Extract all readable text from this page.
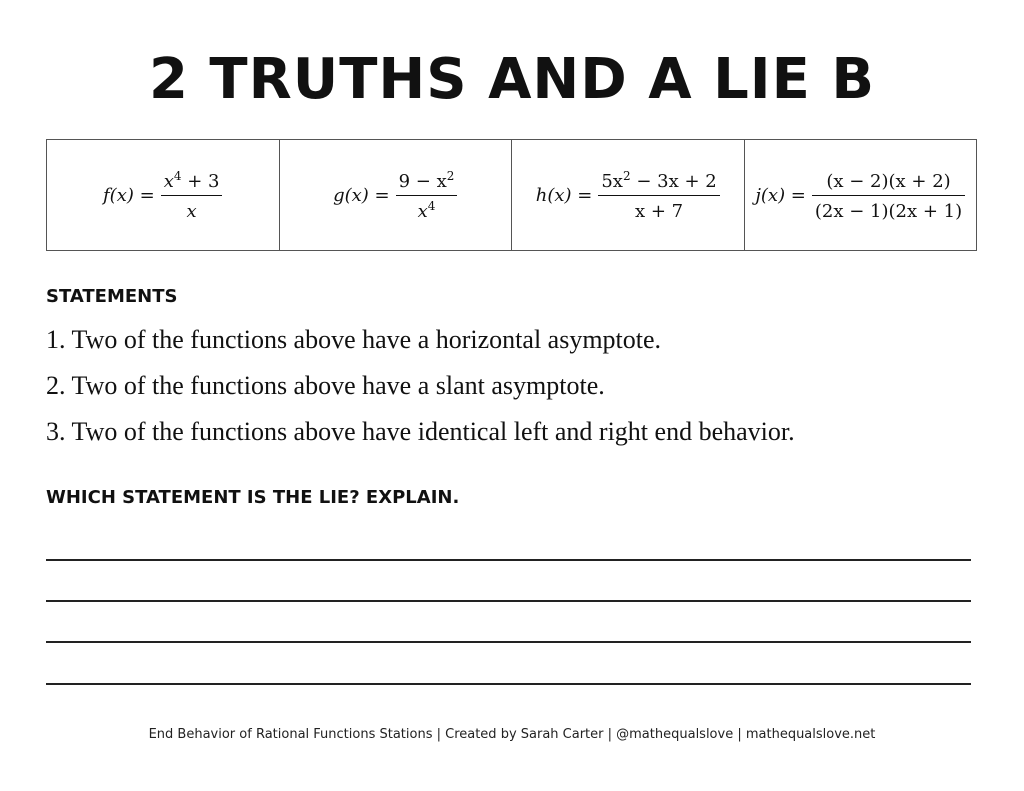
2 TRUTHS AND A LIE B
$f(x) = \frac{x^4 + 3}{x}$	$g(x) = \frac{9 - x^2}{x^4}$	$h(x) = \frac{5x^2 - 3x + 2}{x + 7}$	$j(x) = \frac{(x - 2)(x + 2)}{(2x - 1)(2x + 1)}$
STATEMENTS
1. Two of the functions above have a horizontal asymptote.
2. Two of the functions above have a slant asymptote.
3. Two of the functions above have identical left and right end behavior.
WHICH STATEMENT IS THE LIE? EXPLAIN.
End Behavior of Rational Functions Stations | Created by Sarah Carter | @mathequalslove | mathequalslove.net
